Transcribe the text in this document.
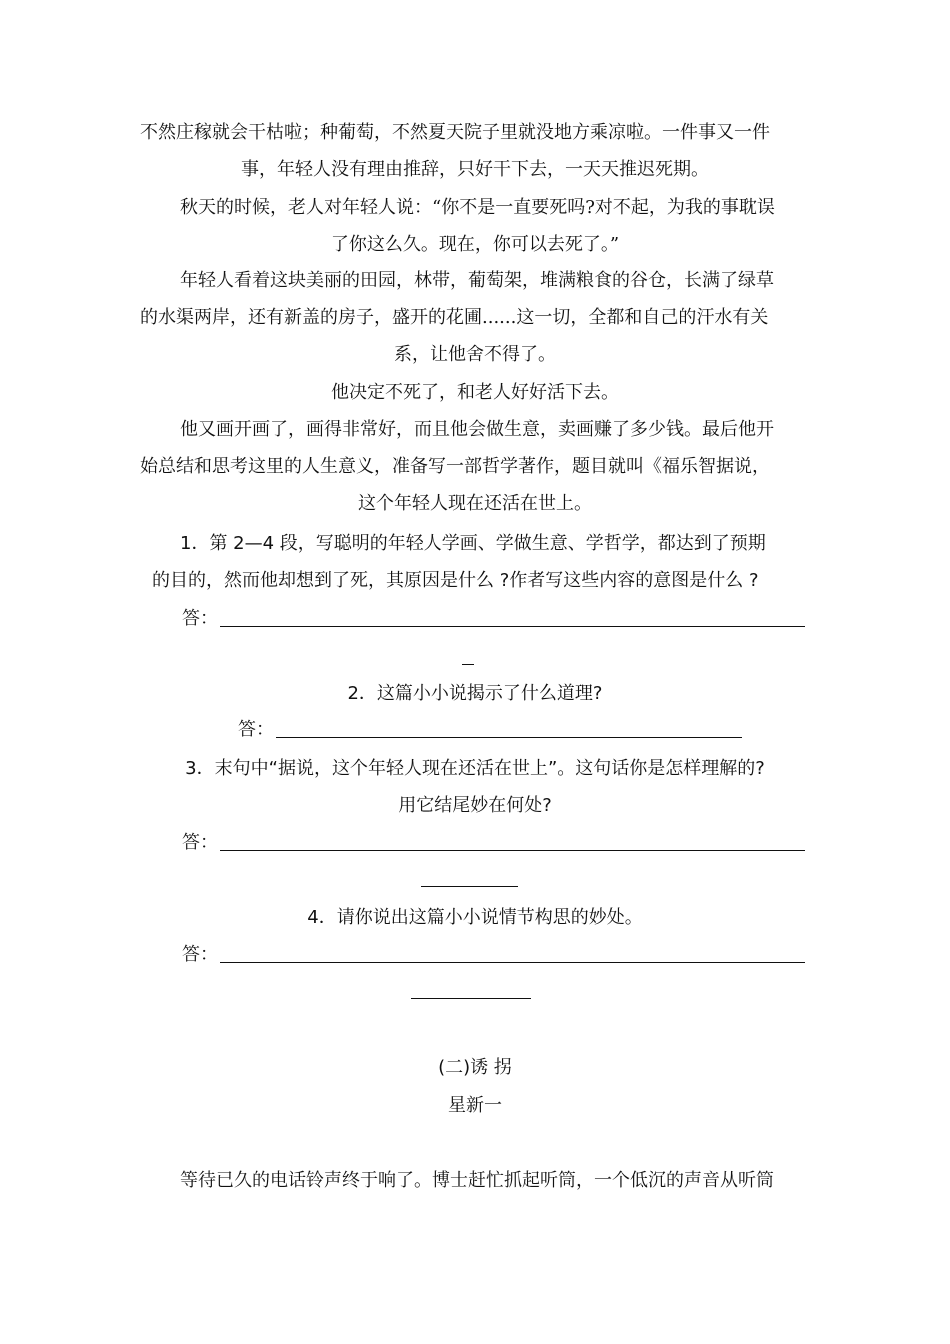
不然庄稼就会干枯啦；种葡萄，不然夏天院子里就没地方乘凉啦。一件事又一件
事，年轻人没有理由推辞，只好干下去，一天天推迟死期。
秋天的时候，老人对年轻人说：“你不是一直要死吗?对不起，为我的事耽误
了你这么久。现在，你可以去死了。”
年轻人看着这块美丽的田园，林带，葡萄架，堆满粮食的谷仓，长满了绿草
的水渠两岸，还有新盖的房子，盛开的花圃......这一切，全都和自己的汗水有关
系，让他舍不得了。
他决定不死了，和老人好好活下去。
他又画开画了，画得非常好，而且他会做生意，卖画赚了多少钱。最后他开
始总结和思考这里的人生意义，准备写一部哲学著作，题目就叫《福乐智据说，
这个年轻人现在还活在世上。
1．第 2—4 段，写聪明的年轻人学画、学做生意、学哲学，都达到了预期
的目的，然而他却想到了死，其原因是什么 ?作者写这些内容的意图是什么 ?
答：
2．这篇小小说揭示了什么道理?
答：
3．末句中“据说，这个年轻人现在还活在世上”。这句话你是怎样理解的?
用它结尾妙在何处?
答：
4．请你说出这篇小小说情节构思的妙处。
答：
(二)诱 拐
星新一
等待已久的电话铃声终于响了。博士赶忙抓起听筒，一个低沉的声音从听筒
